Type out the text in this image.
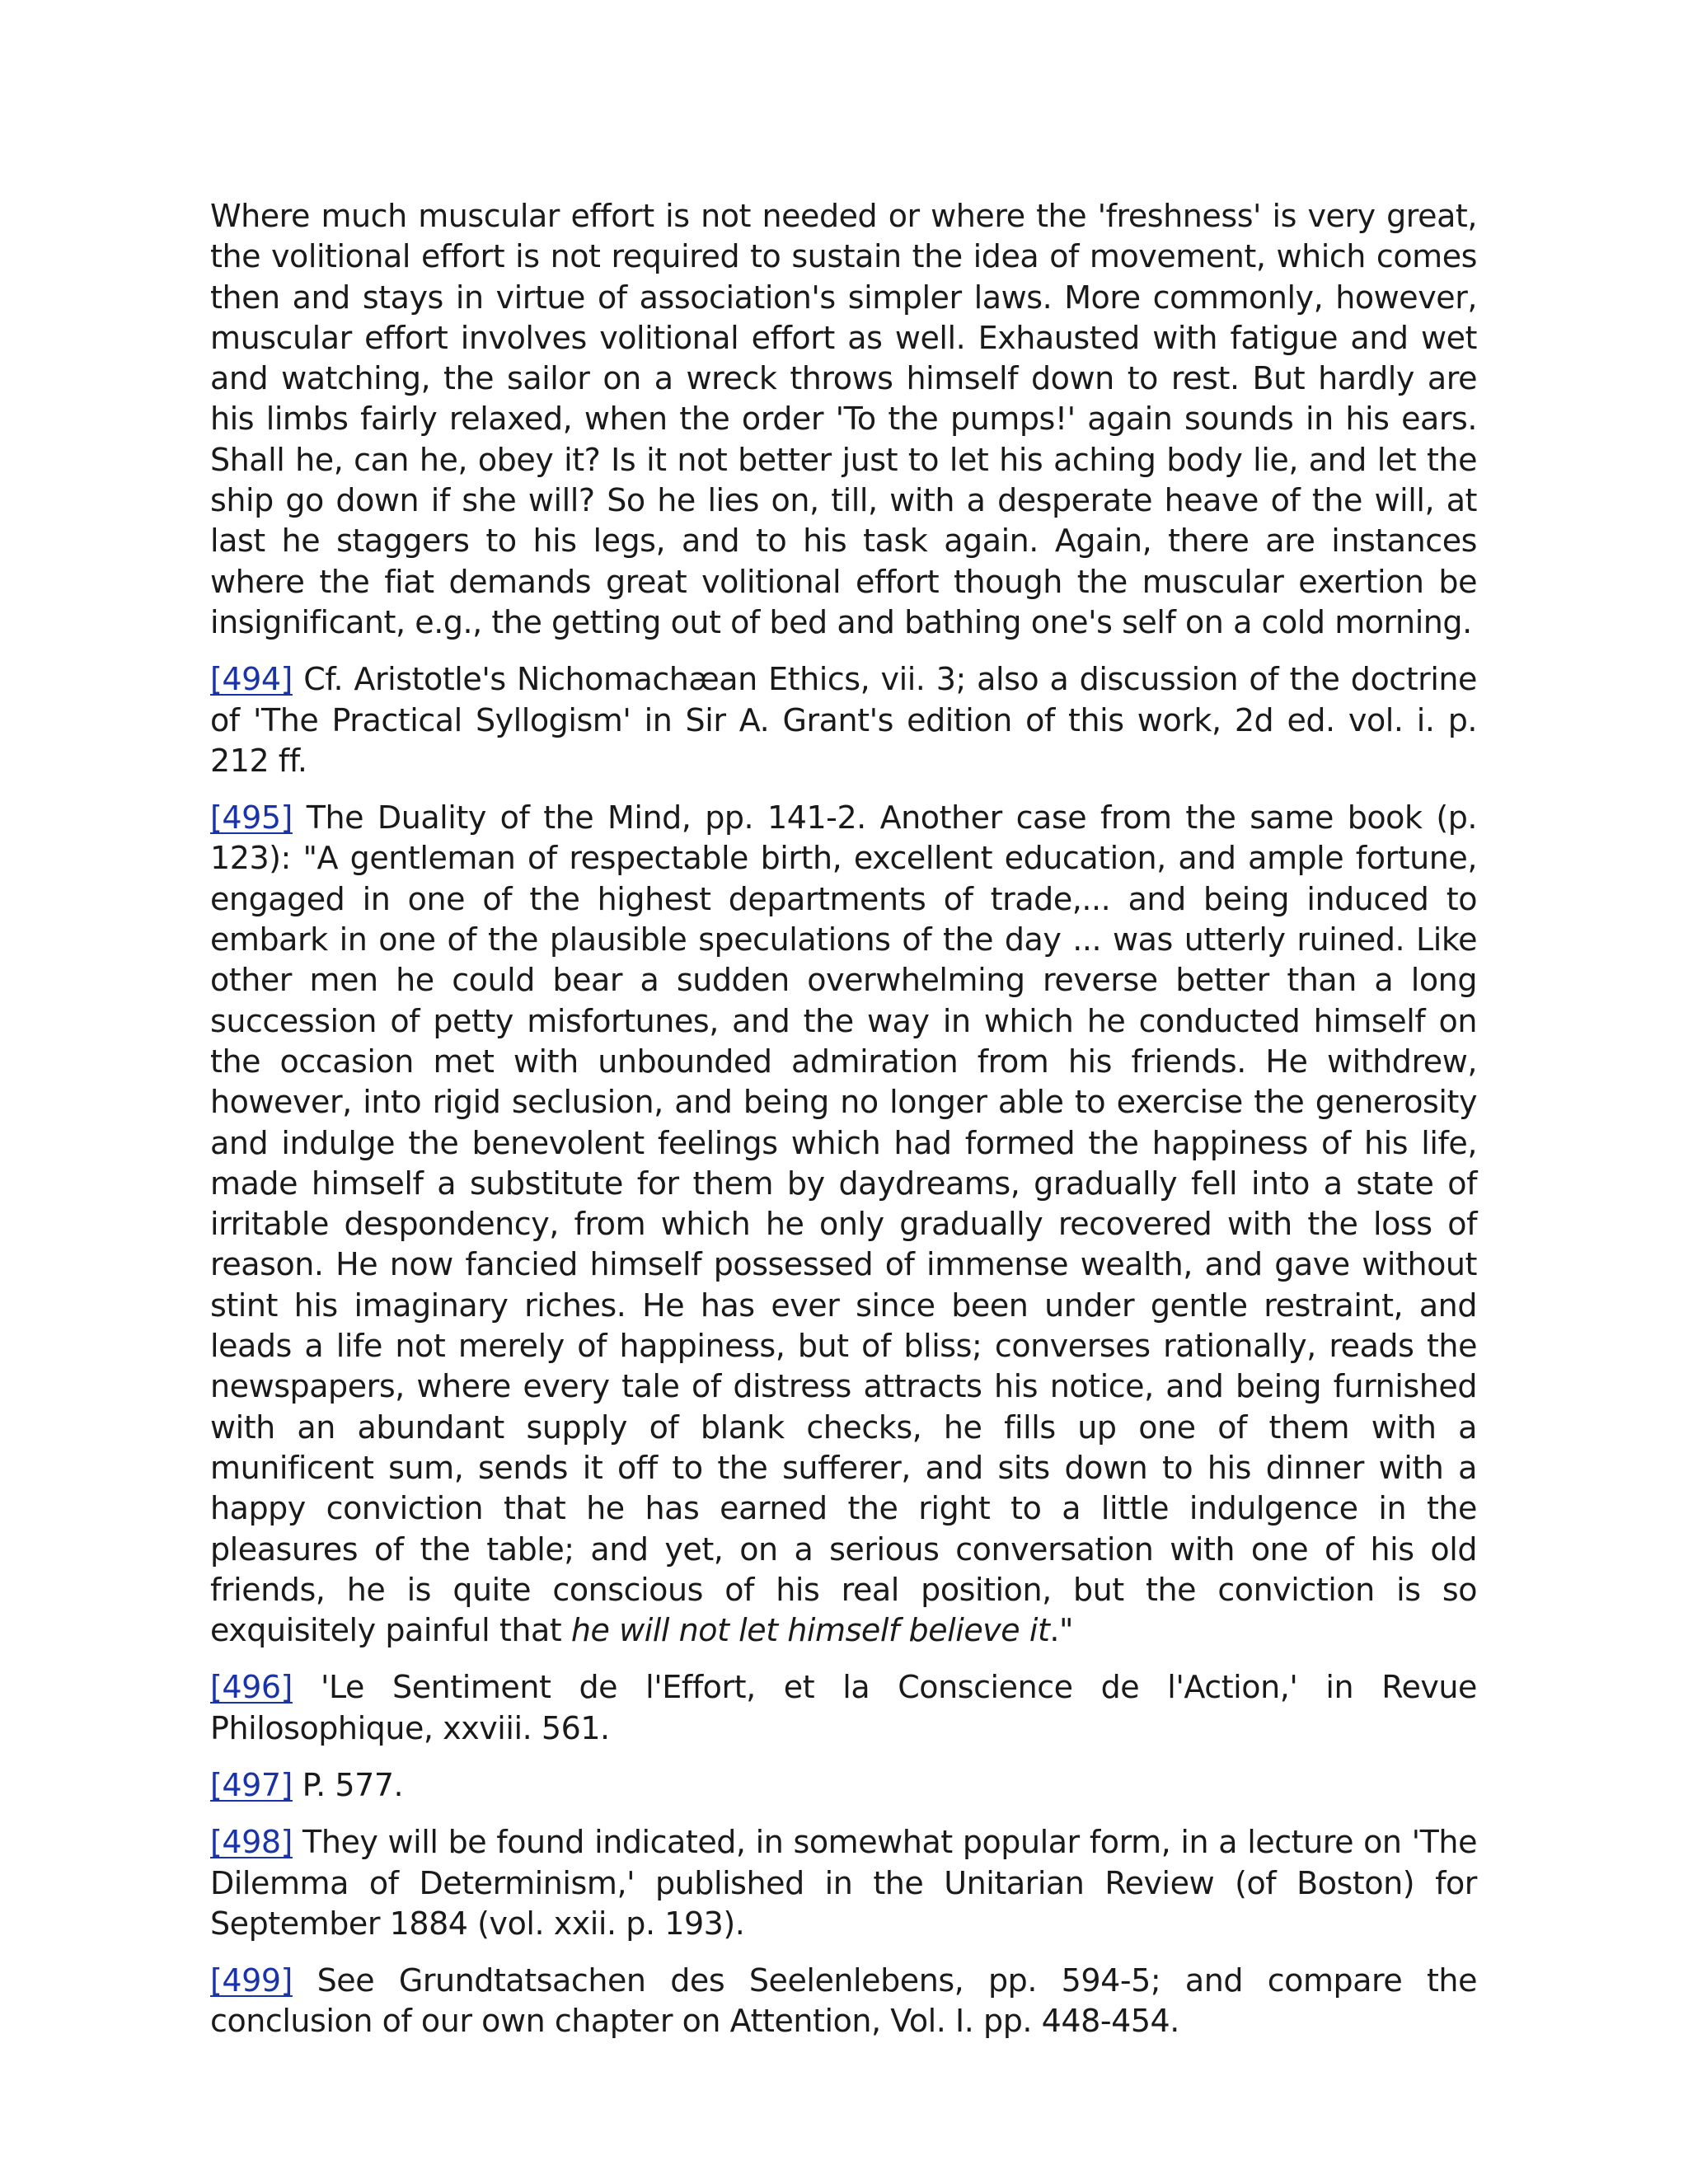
Where much muscular effort is not needed or where the 'freshness' is very great, the volitional effort is not required to sustain the idea of movement, which comes then and stays in virtue of association's simpler laws. More commonly, however, muscular effort involves volitional effort as well. Exhausted with fatigue and wet and watching, the sailor on a wreck throws himself down to rest. But hardly are his limbs fairly relaxed, when the order 'To the pumps!' again sounds in his ears. Shall he, can he, obey it? Is it not better just to let his aching body lie, and let the ship go down if she will? So he lies on, till, with a desperate heave of the will, at last he staggers to his legs, and to his task again. Again, there are instances where the fiat demands great volitional effort though the muscular exertion be insignificant, e.g., the getting out of bed and bathing one's self on a cold morning.

[494] Cf. Aristotle's Nichomachæan Ethics, vii. 3; also a discussion of the doctrine of 'The Practical Syllogism' in Sir A. Grant's edition of this work, 2d ed. vol. i. p. 212 ff.

[495] The Duality of the Mind, pp. 141-2. Another case from the same book (p. 123): "A gentleman of respectable birth, excellent education, and ample fortune, engaged in one of the highest departments of trade,... and being induced to embark in one of the plausible speculations of the day ... was utterly ruined. Like other men he could bear a sudden overwhelming reverse better than a long succession of petty misfortunes, and the way in which he conducted himself on the occasion met with unbounded admiration from his friends. He withdrew, however, into rigid seclusion, and being no longer able to exercise the generosity and indulge the benevolent feelings which had formed the happiness of his life, made himself a substitute for them by daydreams, gradually fell into a state of irritable despondency, from which he only gradually recovered with the loss of reason. He now fancied himself possessed of immense wealth, and gave without stint his imaginary riches. He has ever since been under gentle restraint, and leads a life not merely of happiness, but of bliss; converses rationally, reads the newspapers, where every tale of distress attracts his notice, and being furnished with an abundant supply of blank checks, he fills up one of them with a munificent sum, sends it off to the sufferer, and sits down to his dinner with a happy conviction that he has earned the right to a little indulgence in the pleasures of the table; and yet, on a serious conversation with one of his old friends, he is quite conscious of his real position, but the conviction is so exquisitely painful that he will not let himself believe it."

[496] 'Le Sentiment de l'Effort, et la Conscience de l'Action,' in Revue Philosophique, xxviii. 561.

[497] P. 577.

[498] They will be found indicated, in somewhat popular form, in a lecture on 'The Dilemma of Determinism,' published in the Unitarian Review (of Boston) for September 1884 (vol. xxii. p. 193).

[499] See Grundtatsachen des Seelenlebens, pp. 594-5; and compare the conclusion of our own chapter on Attention, Vol. I. pp. 448-454.
